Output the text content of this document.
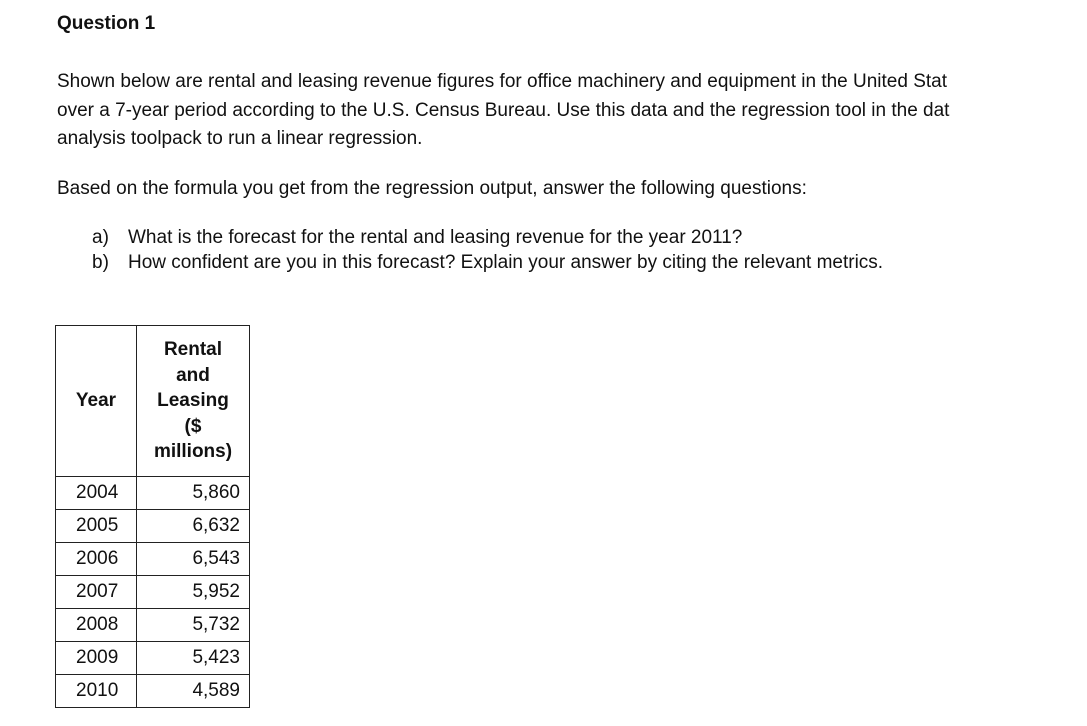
Question 1
Shown below are rental and leasing revenue figures for office machinery and equipment in the United Stat
over a 7-year period according to the U.S. Census Bureau. Use this data and the regression tool in the dat
analysis toolpack to run a linear regression.
Based on the formula you get from the regression output, answer the following questions:
a) What is the forecast for the rental and leasing revenue for the year 2011?
b) How confident are you in this forecast? Explain your answer by citing the relevant metrics.
Year	Rental
and
Leasing
($
millions)

2004	5,860
2005	6,632
2006	6,543
2007	5,952
2008	5,732
2009	5,423
2010	4,589
